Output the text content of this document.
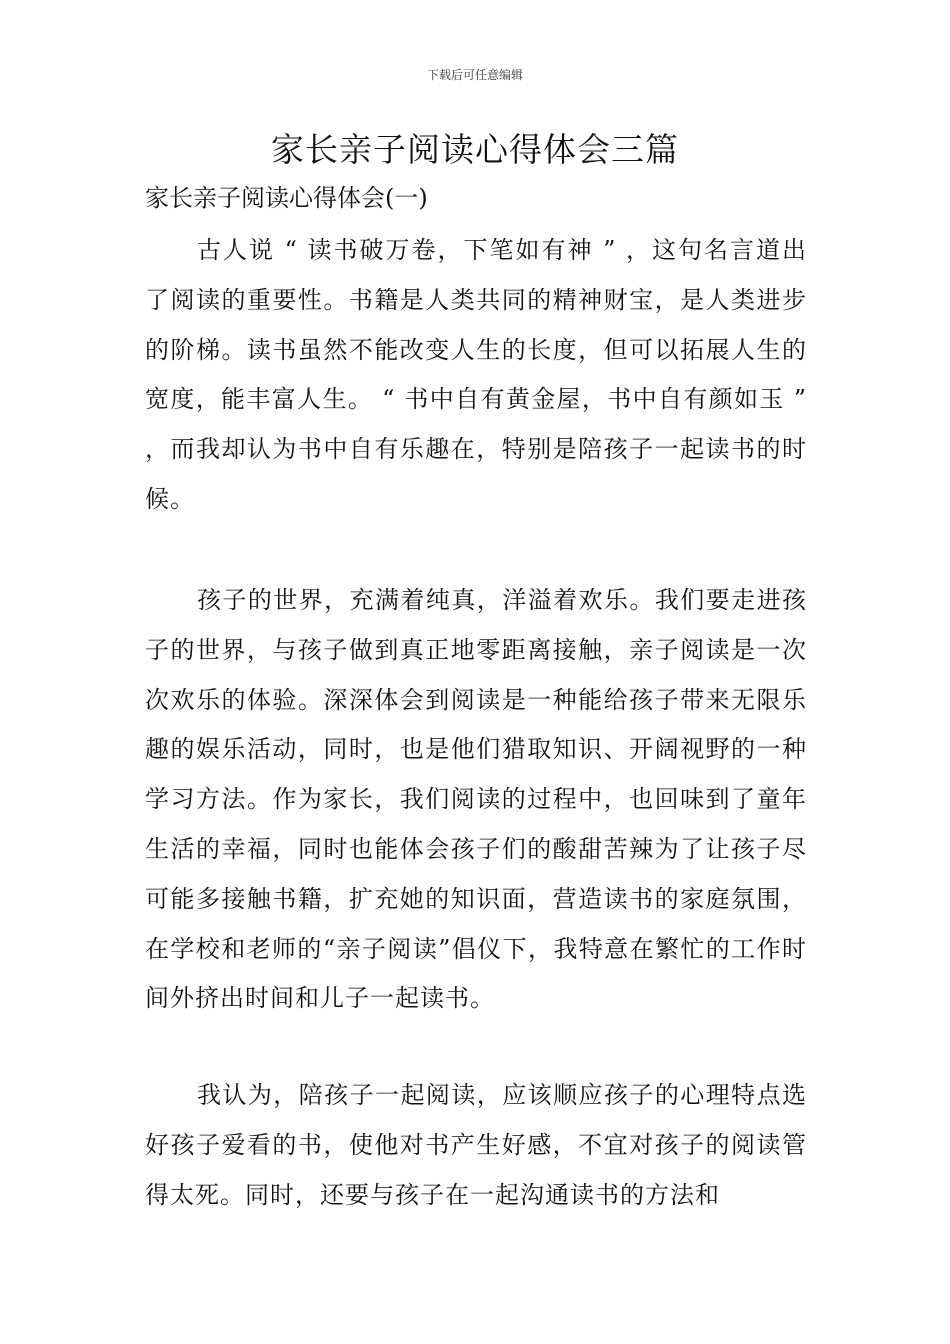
下载后可任意编辑
家长亲子阅读心得体会三篇
家长亲子阅读心得体会(一)

古人说 “ 读书破万卷，下笔如有神 ” ，这句名言道出了阅读的重要性。书籍是人类共同的精神财宝，是人类进步的阶梯。读书虽然不能改变人生的长度，但可以拓展人生的宽度，能丰富人生。 “ 书中自有黄金屋，书中自有颜如玉 ” ，而我却认为书中自有乐趣在，特别是陪孩子一起读书的时候。

孩子的世界，充满着纯真，洋溢着欢乐。我们要走进孩子的世界，与孩子做到真正地零距离接触，亲子阅读是一次次欢乐的体验。深深体会到阅读是一种能给孩子带来无限乐趣的娱乐活动，同时，也是他们猎取知识、开阔视野的一种学习方法。作为家长，我们阅读的过程中，也回味到了童年生活的幸福，同时也能体会孩子们的酸甜苦辣为了让孩子尽可能多接触书籍，扩充她的知识面，营造读书的家庭氛围，在学校和老师的“亲子阅读”倡仪下，我特意在繁忙的工作时间外挤出时间和儿子一起读书。

我认为，陪孩子一起阅读，应该顺应孩子的心理特点选好孩子爱看的书，使他对书产生好感，不宜对孩子的阅读管得太死。同时，还要与孩子在一起沟通读书的方法和
